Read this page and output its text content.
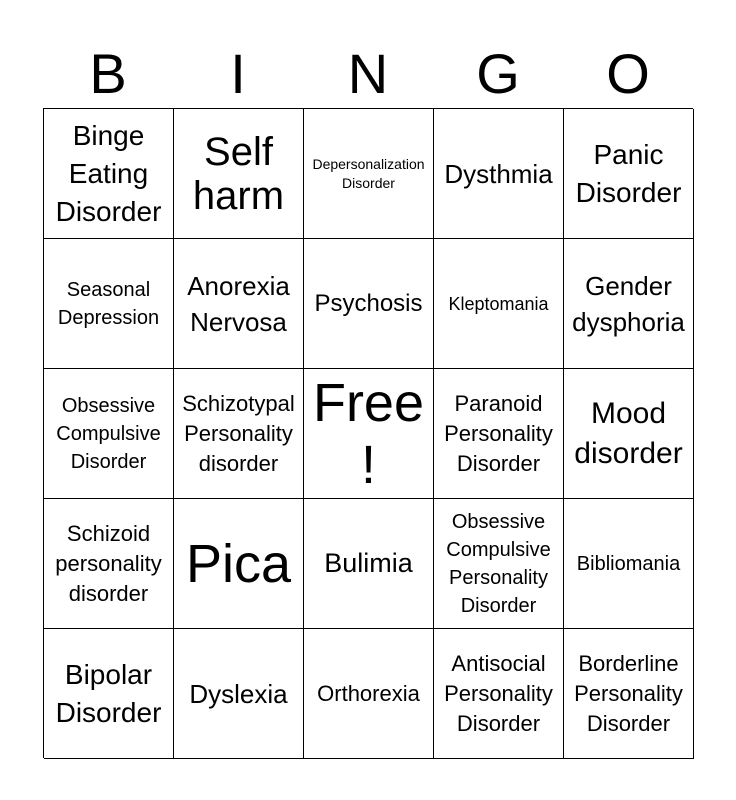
B	I	N	G	O
Binge Eating Disorder
Self harm
Depersonalization Disorder	Dysthmia
Panic Disorder
Seasonal Depression
Anorexia Nervosa
Psychosis	Kleptomania
Gender dysphoria
Obsessive Compulsive Disorder
Schizotypal Personality disorder
Free!
Paranoid Personality Disorder
Mood disorder
Schizoid personality disorder Pica	Bulimia
Obsessive Compulsive Personality Disorder
Bibliomania
Bipolar Disorder
Dyslexia	Orthorexia
Antisocial Personality Disorder
Borderline Personality Disorder
